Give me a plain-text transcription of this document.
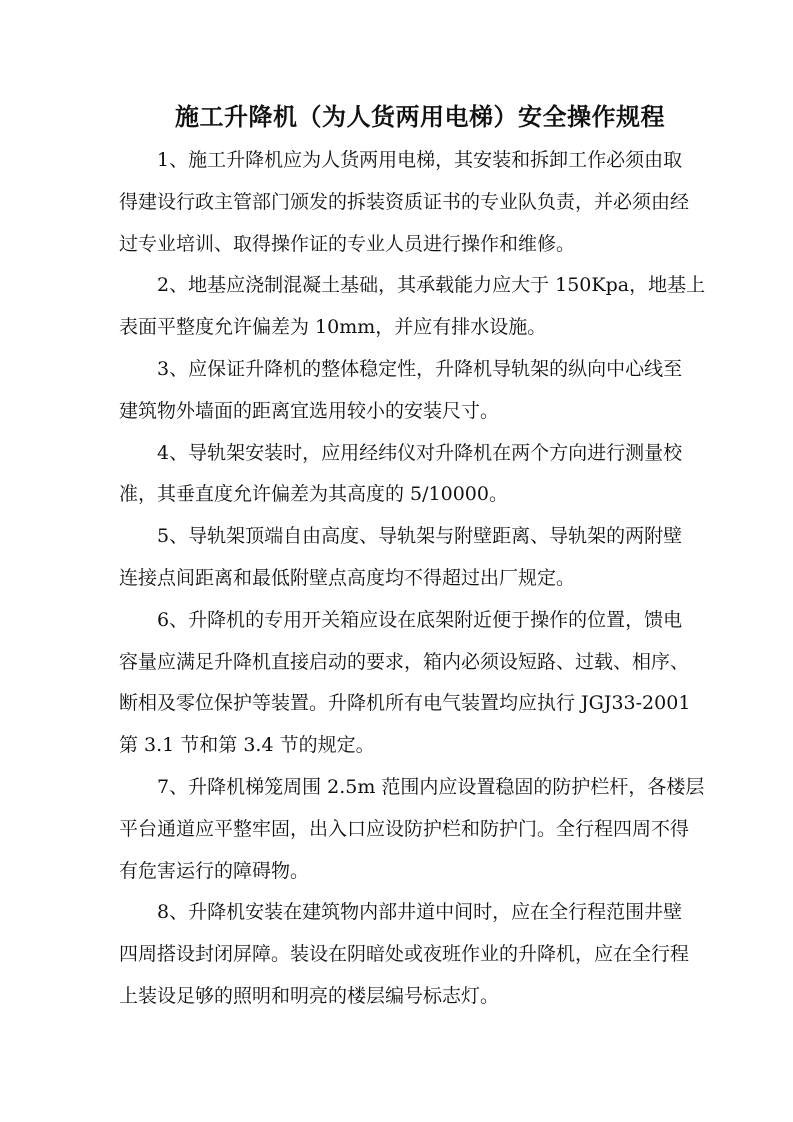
施工升降机（为人货两用电梯）安全操作规程
1、施工升降机应为人货两用电梯，其安装和拆卸工作必须由取
得建设行政主管部门颁发的拆装资质证书的专业队负责，并必须由经
过专业培训、取得操作证的专业人员进行操作和维修。
2、地基应浇制混凝土基础，其承载能力应大于 150Kpa，地基上
表面平整度允许偏差为 10mm，并应有排水设施。
3、应保证升降机的整体稳定性，升降机导轨架的纵向中心线至
建筑物外墙面的距离宜选用较小的安装尺寸。
4、导轨架安装时，应用经纬仪对升降机在两个方向进行测量校
准，其垂直度允许偏差为其高度的 5/10000。
5、导轨架顶端自由高度、导轨架与附壁距离、导轨架的两附壁
连接点间距离和最低附壁点高度均不得超过出厂规定。
6、升降机的专用开关箱应设在底架附近便于操作的位置，馈电
容量应满足升降机直接启动的要求，箱内必须设短路、过载、相序、
断相及零位保护等装置。升降机所有电气装置均应执行 JGJ33-2001
第 3.1 节和第 3.4 节的规定。
7、升降机梯笼周围 2.5m 范围内应设置稳固的防护栏杆，各楼层
平台通道应平整牢固，出入口应设防护栏和防护门。全行程四周不得
有危害运行的障碍物。
8、升降机安装在建筑物内部井道中间时，应在全行程范围井壁
四周搭设封闭屏障。装设在阴暗处或夜班作业的升降机，应在全行程
上装设足够的照明和明亮的楼层编号标志灯。
